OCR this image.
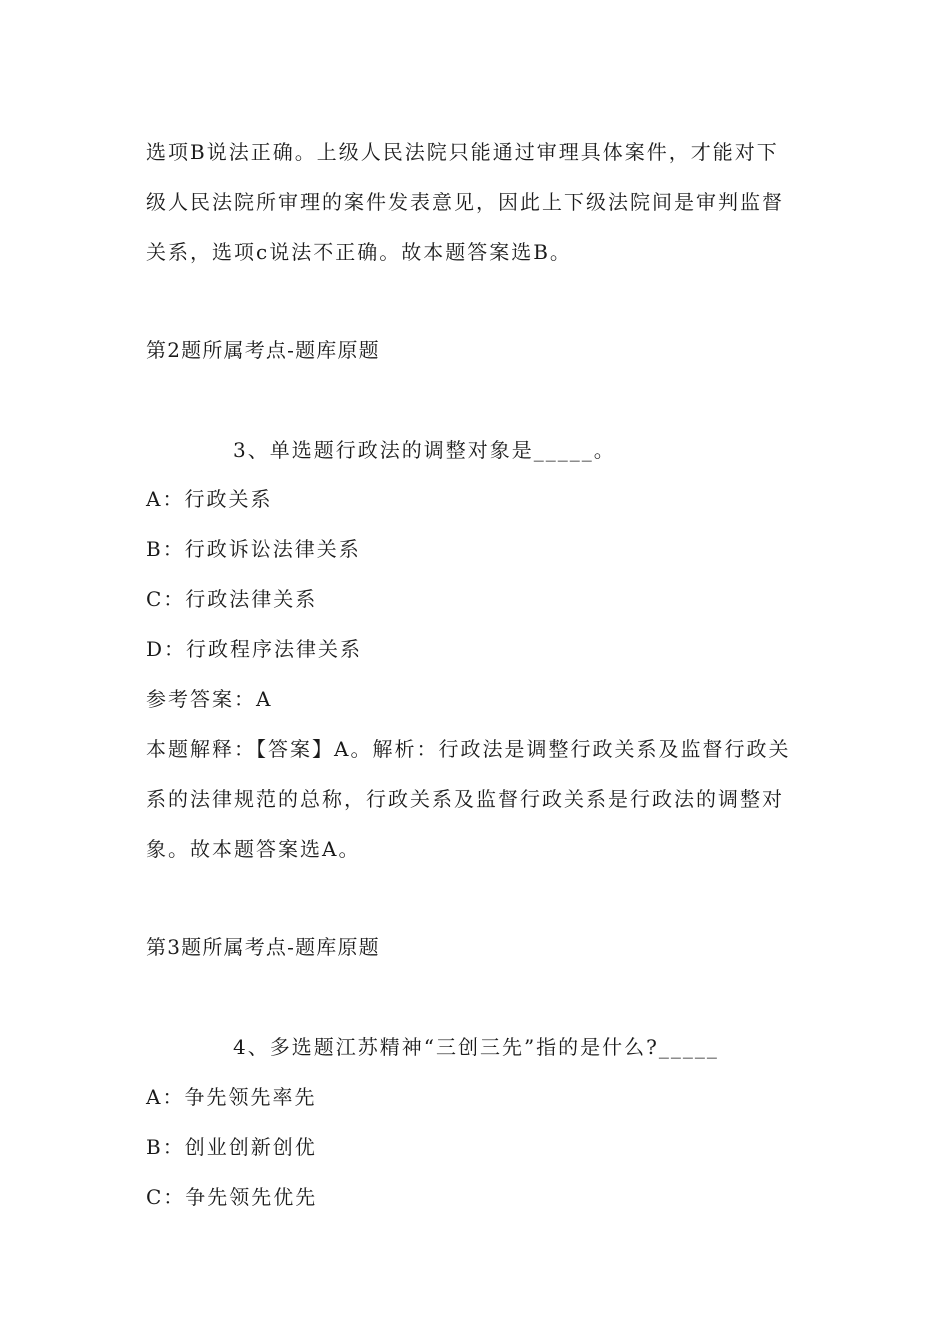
选项B说法正确。上级人民法院只能通过审理具体案件，才能对下

级人民法院所审理的案件发表意见，因此上下级法院间是审判监督

关系，选项c说法不正确。故本题答案选B。

第2题所属考点-题库原题

3、单选题行政法的调整对象是_____。

A：行政关系

B：行政诉讼法律关系

C：行政法律关系

D：行政程序法律关系

参考答案：A

本题解释：【答案】A。解析：行政法是调整行政关系及监督行政关

系的法律规范的总称，行政关系及监督行政关系是行政法的调整对

象。故本题答案选A。

第3题所属考点-题库原题

4、多选题江苏精神“三创三先”指的是什么?_____

A：争先领先率先

B：创业创新创优

C：争先领先优先
